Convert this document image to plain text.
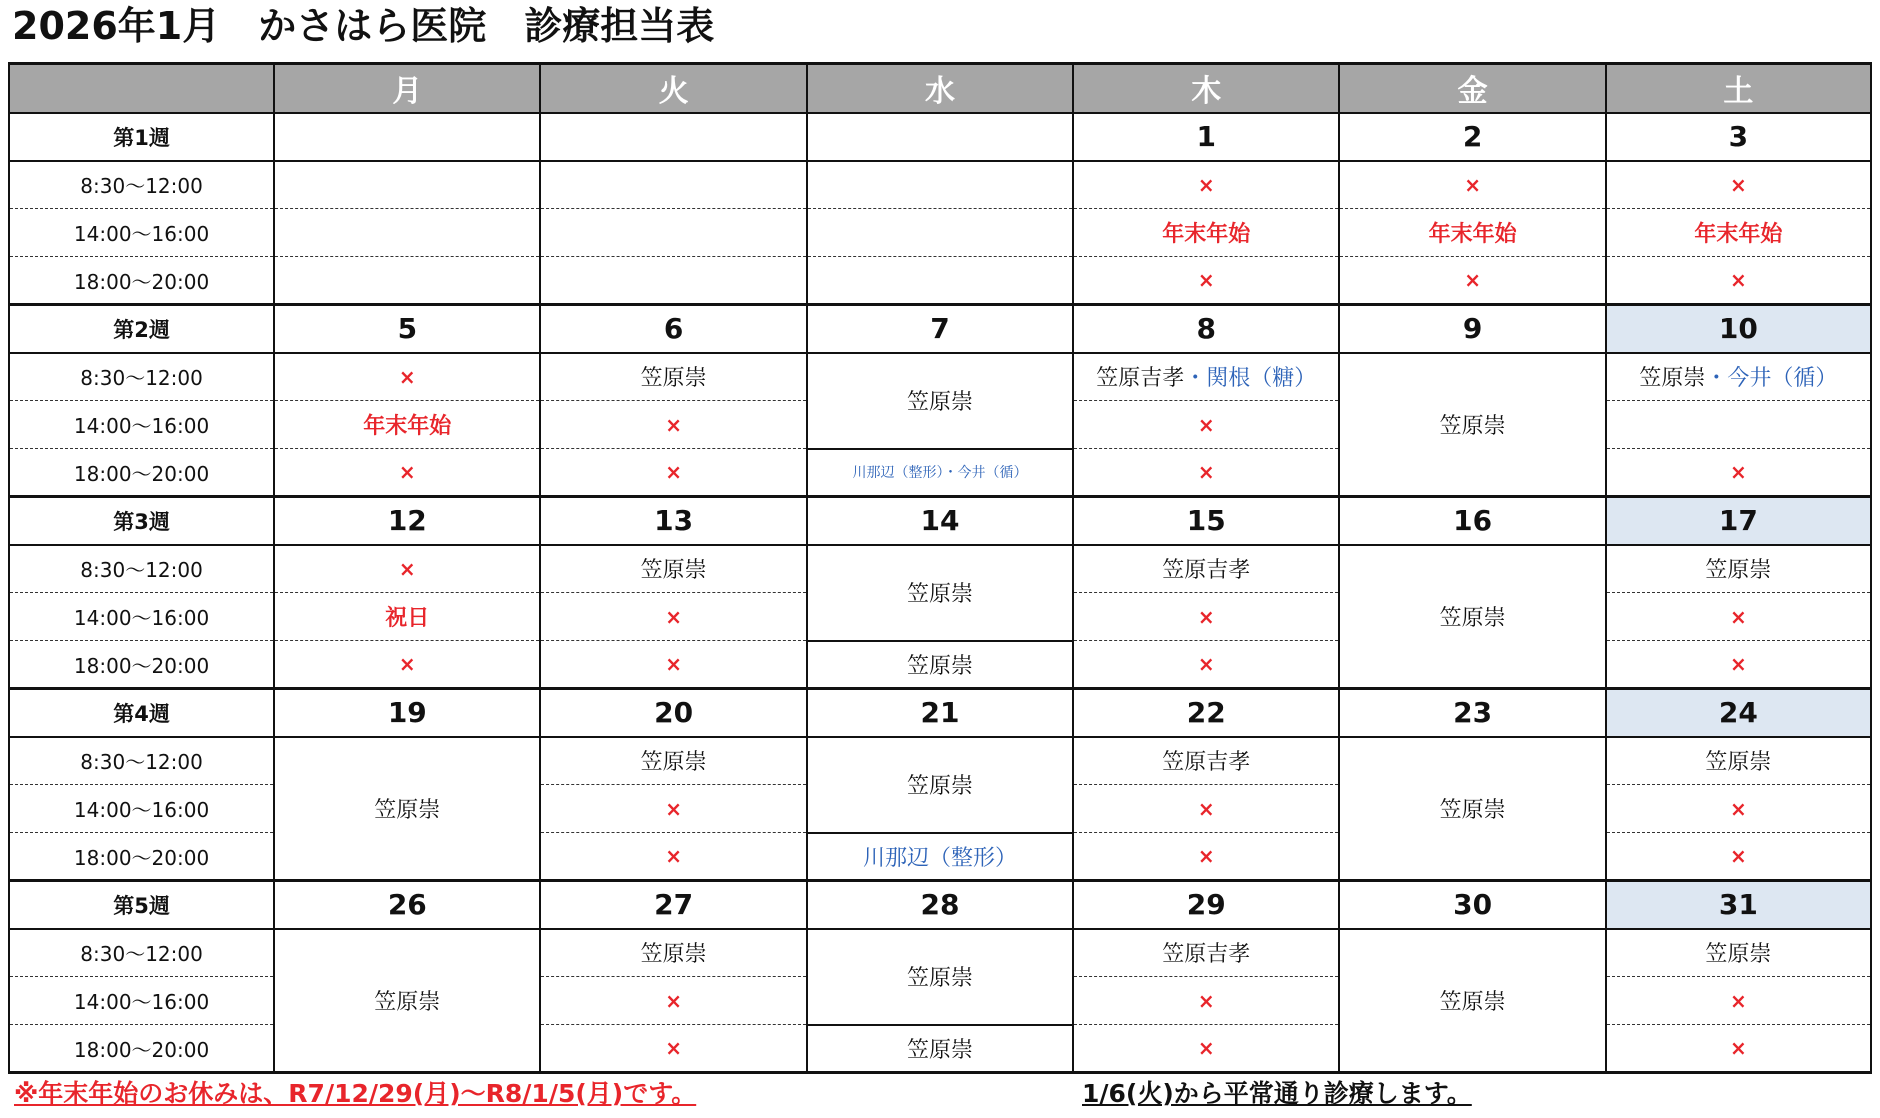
2026年1月　かさはら医院　診療担当表
	月	火	水	木	金	土
第1週				1	2	3
8:30～12:00				×	×	×
14:00～16:00				年末年始	年末年始	年末年始
18:00～20:00				×	×	×
第2週	5	6	7	8	9	10
8:30～12:00	×	笠原崇	笠原崇	笠原吉孝・関根（糖）	笠原崇	笠原崇・今井（循）
14:00～16:00	年末年始	×		×		
18:00～20:00	×	×	川那辺（整形）・今井（循）	×		×
第3週	12	13	14	15	16	17
8:30～12:00	×	笠原崇	笠原崇	笠原吉孝	笠原崇	笠原崇
14:00～16:00	祝日	×		×		×
18:00～20:00	×	×	笠原崇	×		×
第4週	19	20	21	22	23	24
8:30～12:00	笠原崇	笠原崇	笠原崇	笠原吉孝	笠原崇	笠原崇
14:00～16:00		×		×		×
18:00～20:00		×	川那辺（整形）	×		×
第5週	26	27	28	29	30	31
8:30～12:00	笠原崇	笠原崇	笠原崇	笠原吉孝	笠原崇	笠原崇
14:00～16:00		×		×		×
18:00～20:00		×	笠原崇	×		×
※年末年始のお休みは、R7/12/29(月)～R8/1/5(月)です。	1/6(火)から平常通り診療します。
